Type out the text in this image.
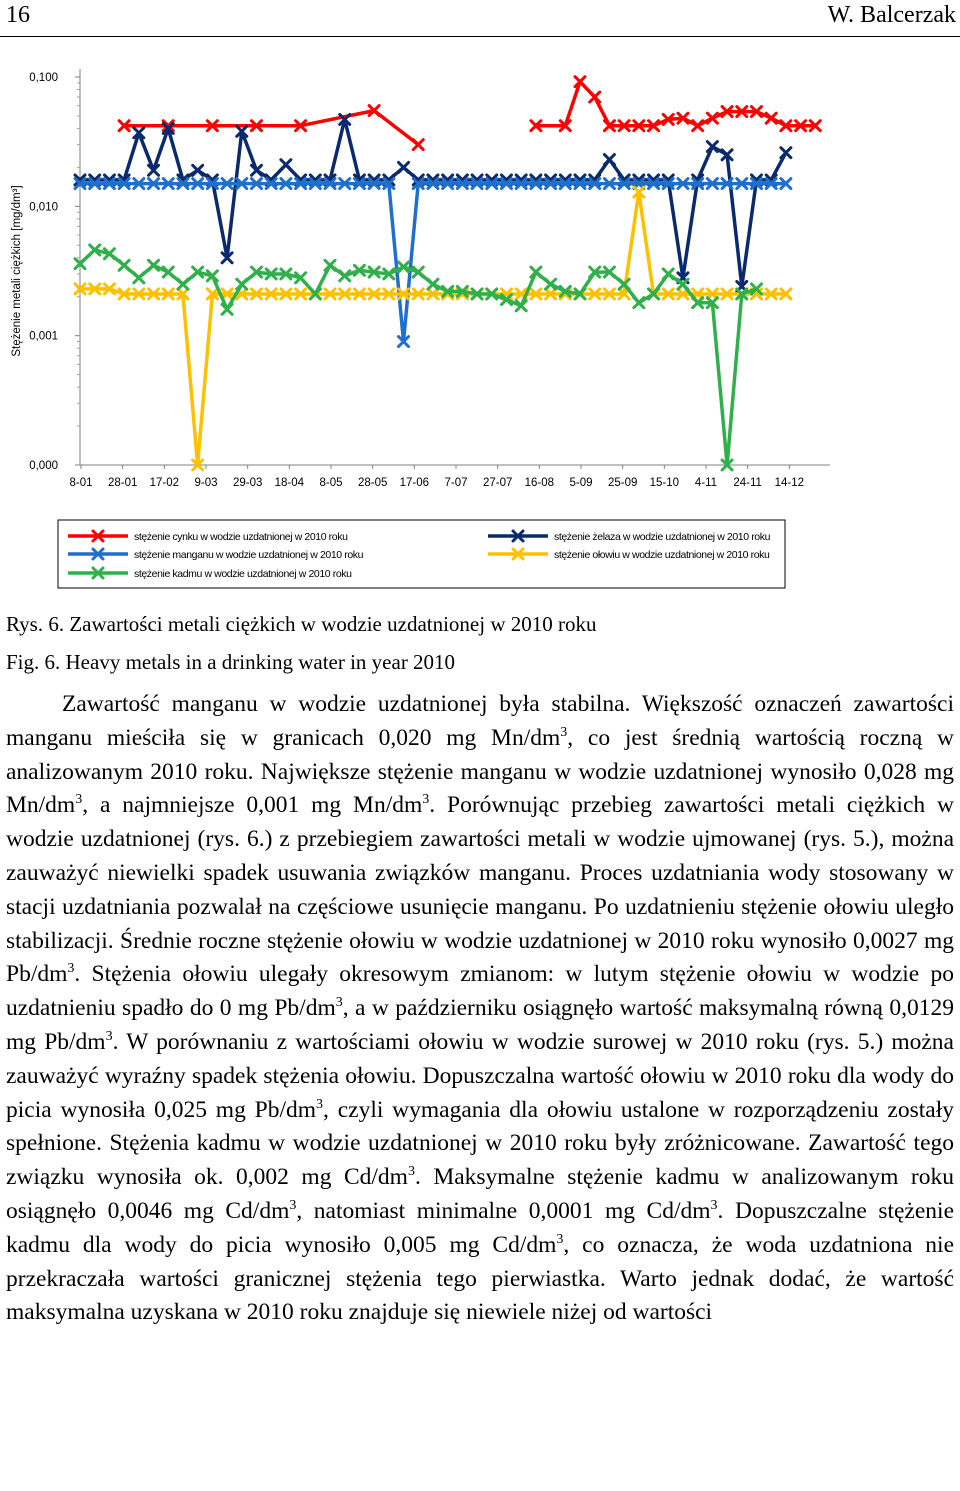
16	W. Balcerzak
0,000
0,001
0,010
0,100
Stężenie metali ciężkich [mg/dm³]
8-01 28-01 17-02 9-03 29-03 18-04 8-05 28-05 17-06 7-07 27-07 16-08 5-09 25-09 15-10 4-11 24-11 14-12
stężenie cynku w wodzie uzdatnionej w 2010 roku
stężenie manganu w wodzie uzdatnionej w 2010 roku
stężenie kadmu w wodzie uzdatnionej w 2010 roku
stężenie żelaza w wodzie uzdatnionej w 2010 roku
stężenie ołowiu w wodzie uzdatnionej w 2010 roku
Rys. 6. Zawartości metali ciężkich w wodzie uzdatnionej w 2010 roku
Fig. 6. Heavy metals in a drinking water in year 2010

Zawartość manganu w wodzie uzdatnionej była stabilna. Większość oznaczeń zawartości manganu mieściła się w granicach 0,020 mg $Mn/dm^3$, co jest średnią wartością roczną w analizowanym 2010 roku. Największe stężenie manganu w wodzie uzdatnionej wynosiło 0,028 mg $Mn/dm^3$, a najmniejsze 0,001 mg $Mn/dm^3$. Porównując przebieg zawartości metali ciężkich w wodzie uzdatnionej (rys. 6.) z przebiegiem zawartości metali w wodzie ujmowanej (rys. 5.), można zauważyć niewielki spadek usuwania związków manganu. Proces uzdatniania wody stosowany w stacji uzdatniania pozwalał na częściowe usunięcie manganu. Po uzdatnieniu stężenie ołowiu uległo stabilizacji. Średnie roczne stężenie ołowiu w wodzie uzdatnionej w 2010 roku wynosiło 0,0027 mg $Pb/dm^3$. Stężenia ołowiu ulegały okresowym zmianom: w lutym stężenie ołowiu w wodzie po uzdatnieniu spadło do 0 mg $Pb/dm^3$, a w październiku osiągnęło wartość maksymalną równą 0,0129 mg $Pb/dm^3$. W porównaniu z wartościami ołowiu w wodzie surowej w 2010 roku (rys. 5.) można zauważyć wyraźny spadek stężenia ołowiu. Dopuszczalna wartość ołowiu w 2010 roku dla wody do picia wynosiła 0,025 mg $Pb/dm^3$, czyli wymagania dla ołowiu ustalone w rozporządzeniu zostały spełnione. Stężenia kadmu w wodzie uzdatnionej w 2010 roku były zróżnicowane. Zawartość tego związku wynosiła ok. 0,002 mg $Cd/dm^3$. Maksymalne stężenie kadmu w analizowanym roku osiągnęło 0,0046 mg $Cd/dm^3$, natomiast minimalne 0,0001 mg $Cd/dm^3$. Dopuszczalne stężenie kadmu dla wody do picia wynosiło 0,005 mg $Cd/dm^3$, co oznacza, że woda uzdatniona nie przekraczała wartości granicznej stężenia tego pierwiastka. Warto jednak dodać, że wartość maksymalna uzyskana w 2010 roku znajduje się niewiele niżej od wartości
